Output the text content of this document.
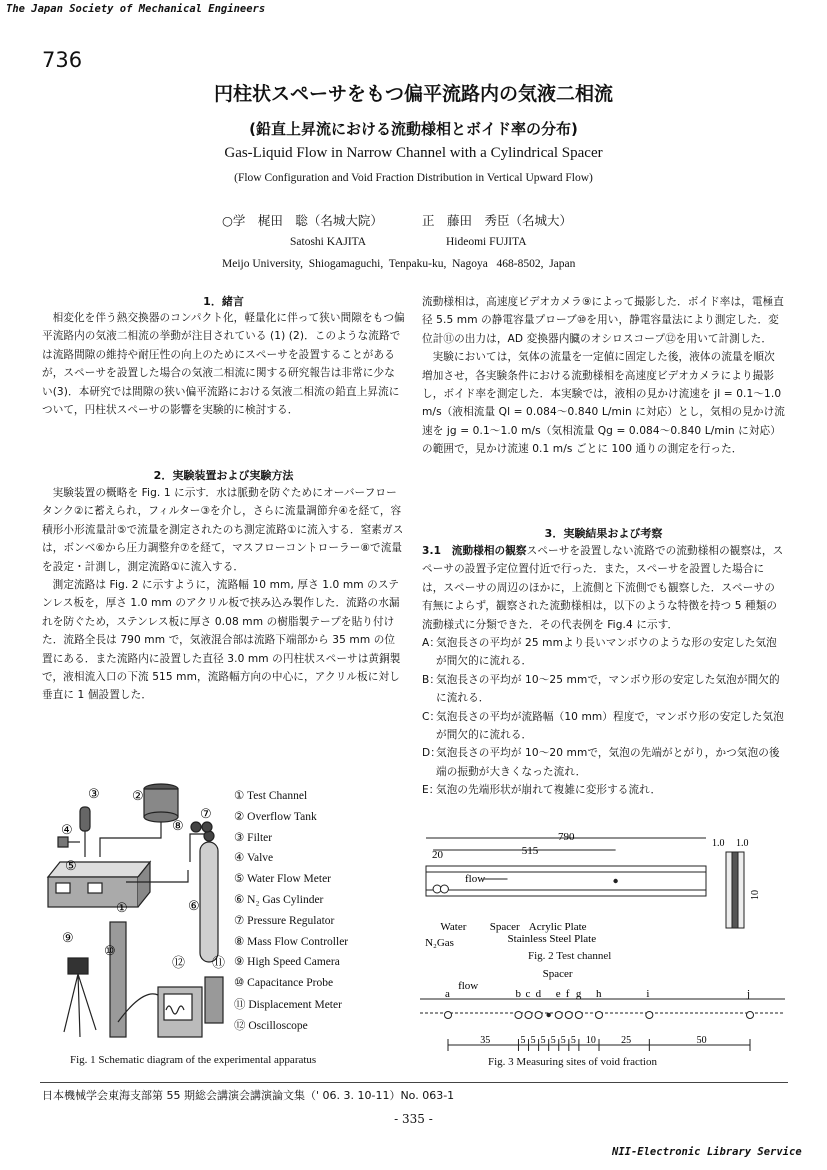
The Japan Society of Mechanical Engineers
736
円柱状スペーサをもつ偏平流路内の気液二相流
(鉛直上昇流における流動様相とボイド率の分布)
Gas-Liquid Flow in Narrow Channel with a Cylindrical Spacer
(Flow Configuration and Void Fraction Distribution in Vertical Upward Flow)
○学　梶田　聡（名城大院）	正　藤田　秀臣（名城大）
Satoshi KAJITA	Hideomi FUJITA
Meijo University,  Shiogamaguchi,  Tenpaku-ku,  Nagoya   468-8502,  Japan
1．緒言

相変化を伴う熱交換器のコンパクト化，軽量化に伴って狭い間隙をもつ偏平流路内の気液二相流の挙動が注目されている (1) (2)．このような流路では流路間隙の維持や耐圧性の向上のためにスペーサを設置することがあるが，スペーサを設置した場合の気液二相流に関する研究報告は非常に少ない(3)．本研究では間隙の狭い偏平流路における気液二相流の鉛直上昇流について，円柱状スペーサの影響を実験的に検討する．

2．実験装置および実験方法

実験装置の概略を Fig. 1 に示す．水は脈動を防ぐためにオーバーフロータンク②に蓄えられ，フィルター③を介し，さらに流量調節弁④を経て，容積形小形流量計⑤で流量を測定されたのち測定流路①に流入する．窒素ガスは，ボンベ⑥から圧力調整弁⑦を経て，マスフローコントローラー⑧で流量を設定・計測し，測定流路①に流入する．

測定流路は Fig. 2 に示すように，流路幅 10 mm, 厚さ 1.0 mm のステンレス板を，厚さ 1.0 mm のアクリル板で挟み込み製作した．流路の水漏れを防ぐため，ステンレス板に厚さ 0.08 mm の樹脂製テープを貼り付けた．流路全長は 790 mm で，気液混合部は流路下端部から 35 mm の位置にある．また流路内に設置した直径 3.0 mm の円柱状スペーサは黄銅製で，液相流入口の下流 515 mm，流路幅方向の中心に，アクリル板に対し垂直に 1 個設置した．

流動様相は，高速度ビデオカメラ⑨によって撮影した．ボイド率は，電極直径 5.5 mm の静電容量プローブ⑩を用い，静電容量法により測定した．変位計⑪の出力は，AD 変換器内臓のオシロスコープ⑫を用いて計測した．

実験においては，気体の流量を一定値に固定した後，液体の流量を順次増加させ，各実験条件における流動様相を高速度ビデオカメラにより撮影し，ボイド率を測定した．本実験では，液相の見かけ流速を jl = 0.1〜1.0 m/s（液相流量 Ql = 0.084〜0.840 L/min に対応）とし，気相の見かけ流速を jg = 0.1〜1.0 m/s（気相流量 Qg = 0.084〜0.840 L/min に対応）の範囲で，見かけ流速 0.1 m/s ごとに 100 通りの測定を行った．

3．実験結果および考察

3.1　流動様相の観察スペーサを設置しない流路での流動様相の観察は，スペーサの設置予定位置付近で行った．また，スペーサを設置した場合には，スペーサの周辺のほかに，上流側と下流側でも観察した．スペーサの有無によらず，観察された流動様相は，以下のような特徴を持つ 5 種類の流動様式に分類できた．その代表例を Fig.4 に示す．

A：
気泡長さの平均が 25 mmより長いマンボウのような形の安定した気泡が間欠的に流れる．
B：
気泡長さの平均が 10〜25 mmで，マンボウ形の安定した気泡が間欠的に流れる．
C：
気泡長さの平均が流路幅（10 mm）程度で，マンボウ形の安定した気泡が間欠的に流れる．
D：
気泡長さの平均が 10〜20 mmで，気泡の先端がとがり，かつ気泡の後端の振動が大きくなった流れ．
E：
気泡の先端形状が崩れて複雑に変形する流れ．
①
②
③
④
⑤
⑥
⑦
⑧
⑨
⑩
⑪
⑫
① Test Channel
② Overflow Tank
③ Filter
④ Valve
⑤ Water Flow Meter
⑥ N₂ Gas Cylinder
⑦ Pressure Regulator
⑧ Mass Flow Controller
⑨ High Speed Camera
⑩ Capacitance Probe
⑪ Displacement Meter
⑫ Oscilloscope
Fig. 1 Schematic diagram of the experimental apparatus
790
515
20
flow
Water
N₂Gas
Spacer Acrylic Plate
Stainless Steel Plate
1.0 1.0
10
Fig. 2 Test channel
Spacer
flow
a	b c d e f g h	i	j
35	5 5 5 5 5 5 10	25	50
Fig. 3 Measuring sites of void fraction
日本機械学会東海支部第 55 期総会講演会講演論文集（' 06. 3. 10-11）No. 063-1
- 335 -
NII-Electronic Library Service
